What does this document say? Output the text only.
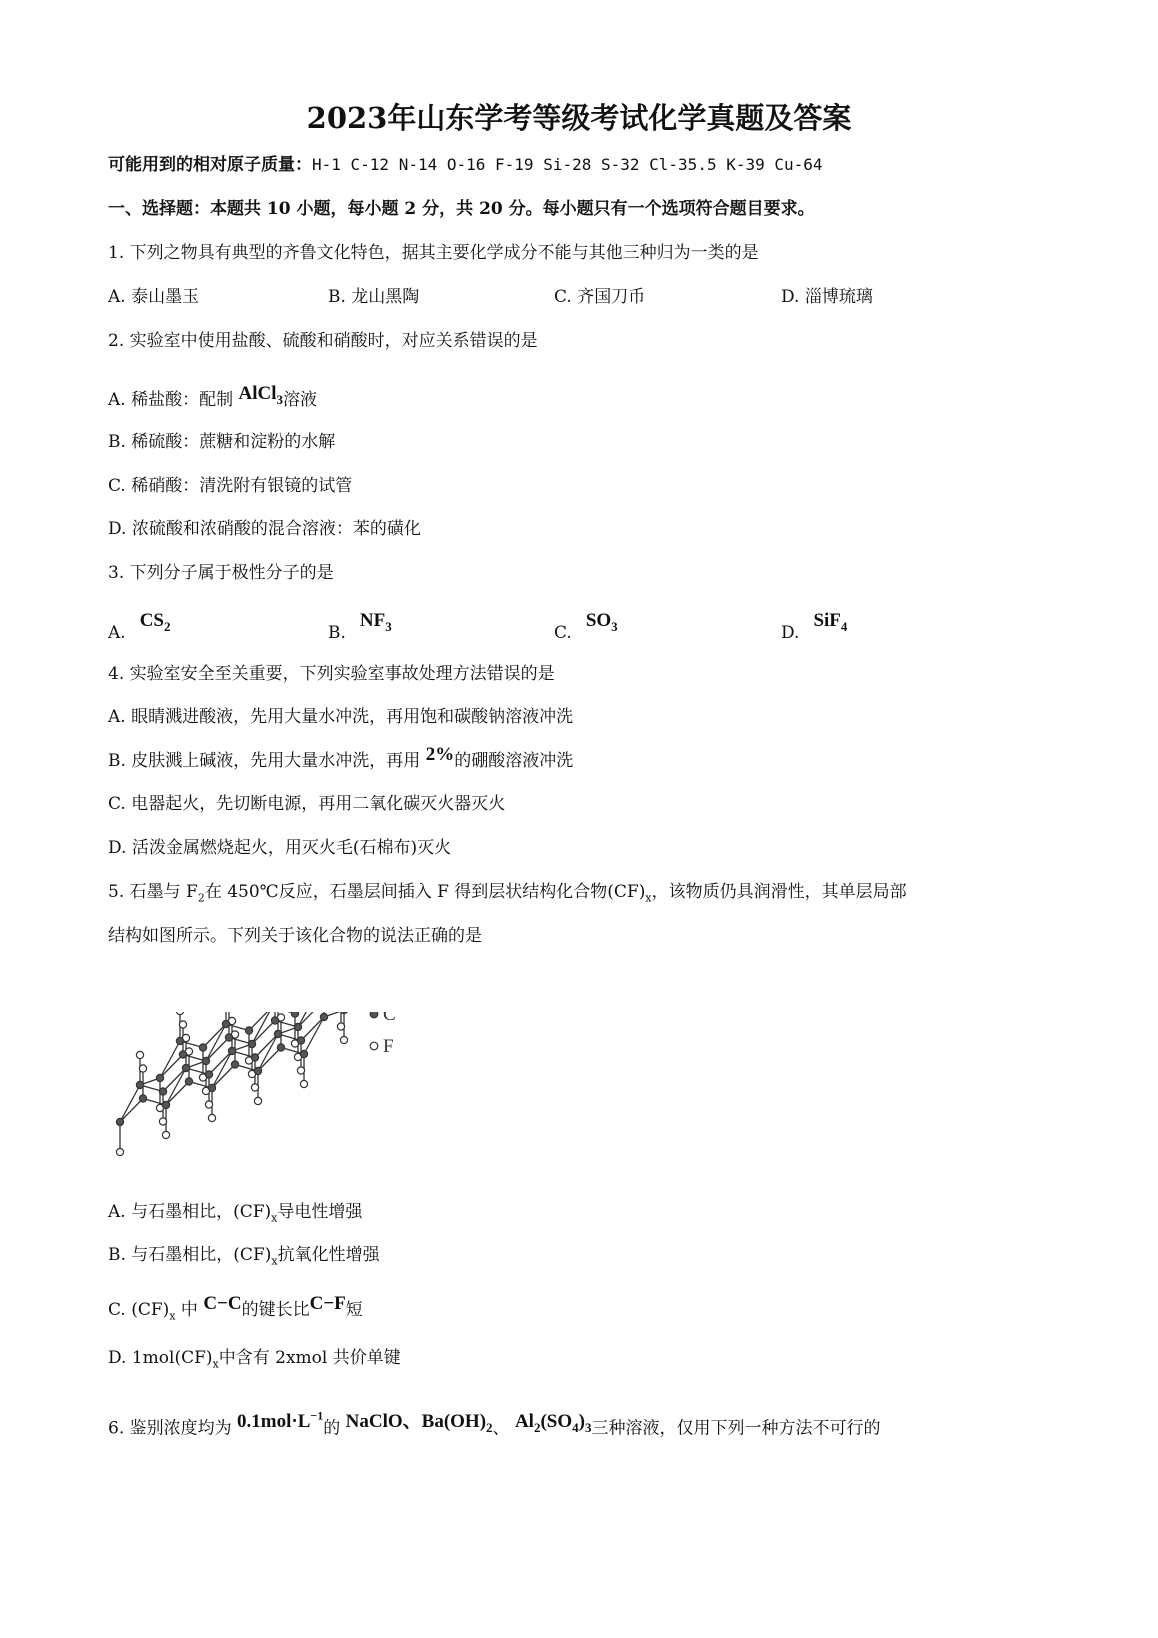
2023年山东学考等级考试化学真题及答案
可能用到的相对原子质量：H-1 C-12 N-14 O-16 F-19 Si-28 S-32 Cl-35.5 K-39 Cu-64
一、选择题：本题共 10 小题，每小题 2 分，共 20 分。每小题只有一个选项符合题目要求。
1. 下列之物具有典型的齐鲁文化特色，据其主要化学成分不能与其他三种归为一类的是
A. 泰山墨玉	B. 龙山黑陶	C. 齐国刀币	D. 淄博琉璃
2. 实验室中使用盐酸、硫酸和硝酸时，对应关系错误的是
A. 稀盐酸：配制 AlCl$_3$溶液
B. 稀硫酸：蔗糖和淀粉的水解
C. 稀硝酸：清洗附有银镜的试管
D. 浓硫酸和浓硝酸的混合溶液：苯的磺化
3. 下列分子属于极性分子的是
$A.CS_2$	$B.NF_3$	$C.SO_3$	D.SiF$_4$
4. 实验室安全至关重要，下列实验室事故处理方法错误的是
A. 眼睛溅进酸液，先用大量水冲洗，再用饱和碳酸钠溶液冲洗
B. 皮肤溅上碱液，先用大量水冲洗，再用 2%的硼酸溶液冲洗
C. 电器起火，先切断电源，再用二氧化碳灭火器灭火
D. 活泼金属燃烧起火，用灭火毛(石棉布)灭火
5. 石墨与 $F_2$在 450℃反应，石墨层间插入 F 得到层状结构化合物$(CF)_x$，该物质仍具润滑性，其单层局部
结构如图所示。下列关于该化合物的说法正确的是
C
F
A. 与石墨相比，$(CF)_x$导电性增强
B. 与石墨相比，$(CF)_x$抗氧化性增强
C. $(CF)_x$ 中 C−C的键长比C−F短
D. $1mol(CF)_x$中含有 2xmol 共价单键
6. 鉴别浓度均为 $0.1mol\cdot L^{-1}$的 NaClO、$Ba(OH)_2$、 $Al_2(SO_4)_3$三种溶液，仅用下列一种方法不可行的
